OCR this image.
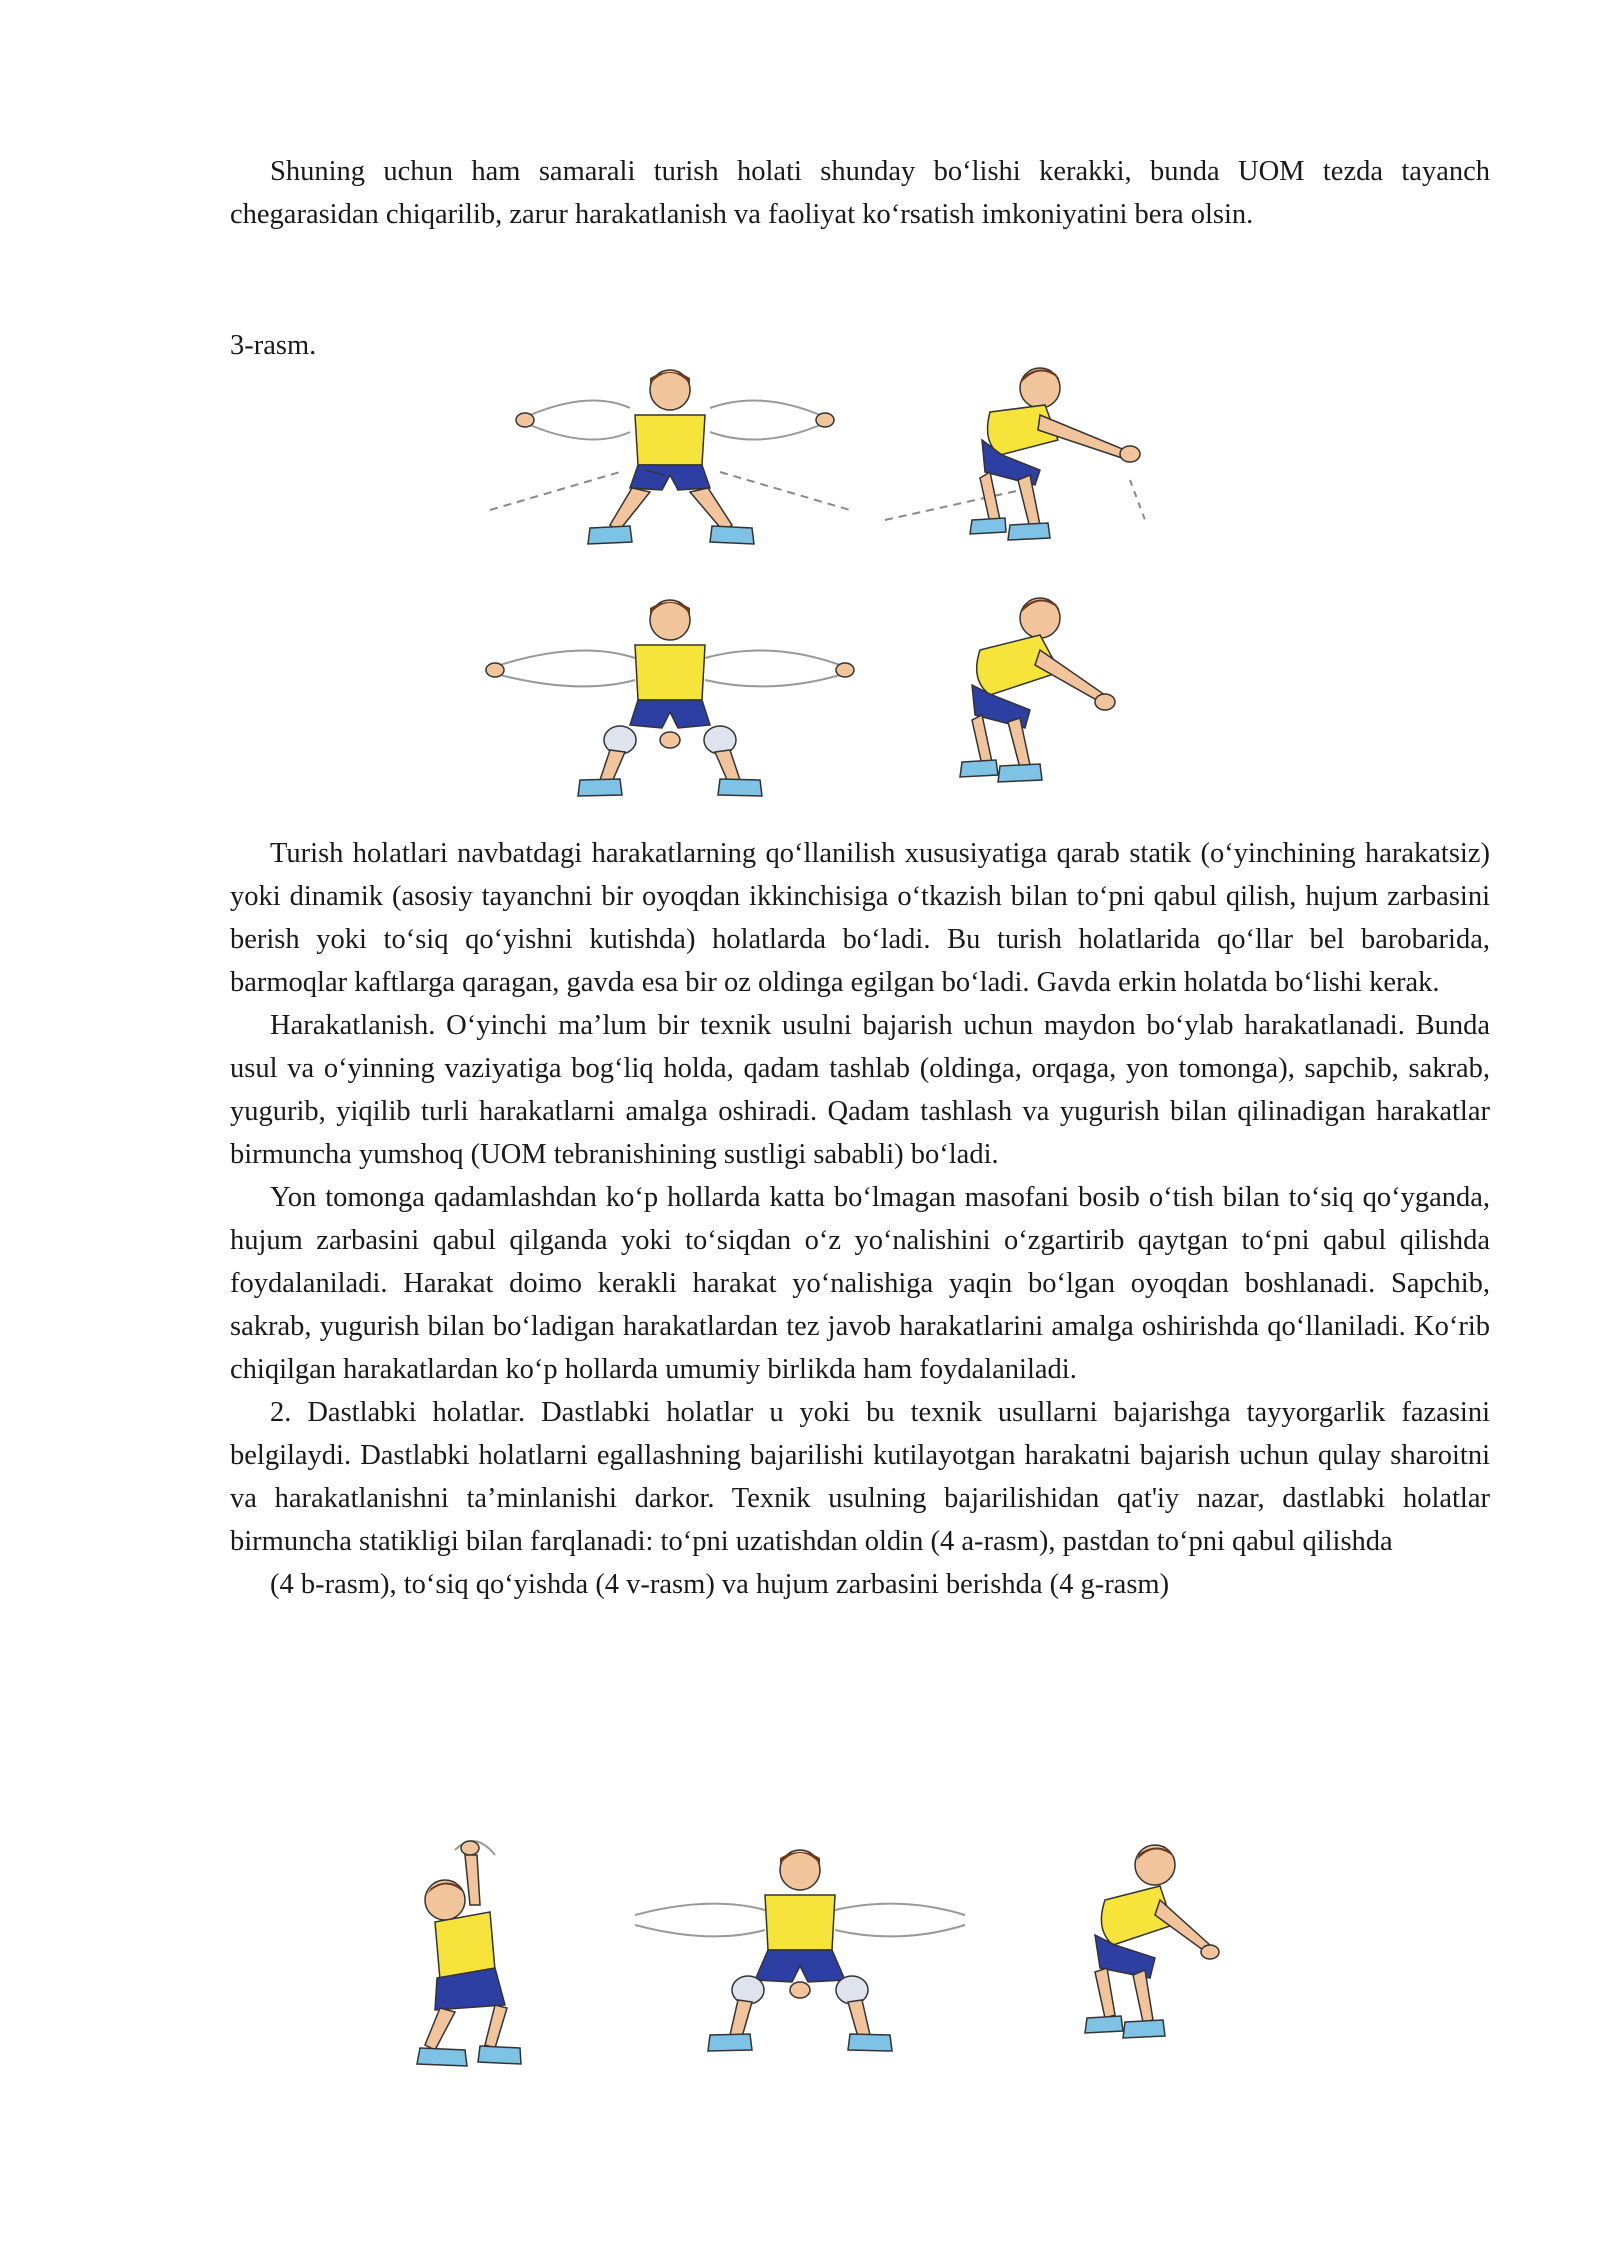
Shuning uchun ham samarali turish holati shunday bo‘lishi kerakki, bunda UOM tezda tayanch chegarasidan chiqarilib, zarur harakatlanish va faoliyat ko‘rsatish imkoniyatini bera olsin.

3-rasm.

Turish holatlari navbatdagi harakatlarning qo‘llanilish xususiyatiga qarab statik (o‘yinchining harakatsiz) yoki dinamik (asosiy tayanchni bir oyoqdan ikkinchisiga o‘tkazish bilan to‘pni qabul qilish, hujum zarbasini berish yoki to‘siq qo‘yishni kutishda) holatlarda bo‘ladi. Bu turish holatlarida qo‘llar bel barobarida, barmoqlar kaftlarga qaragan, gavda esa bir oz oldinga egilgan bo‘ladi. Gavda erkin holatda bo‘lishi kerak.

Harakatlanish. O‘yinchi ma’lum bir texnik usulni bajarish uchun maydon bo‘ylab harakatlanadi. Bunda usul va o‘yinning vaziyatiga bog‘liq holda, qadam tashlab (oldinga, orqaga, yon tomonga), sapchib, sakrab, yugurib, yiqilib turli harakatlarni amalga oshiradi. Qadam tashlash va yugurish bilan qilinadigan harakatlar birmuncha yumshoq (UOM tebranishining sustligi sababli) bo‘ladi.

Yon tomonga qadamlashdan ko‘p hollarda katta bo‘lmagan masofani bosib o‘tish bilan to‘siq qo‘yganda, hujum zarbasini qabul qilganda yoki to‘siqdan o‘z yo‘nalishini o‘zgartirib qaytgan to‘pni qabul qilishda foydalaniladi. Harakat doimo kerakli harakat yo‘nalishiga yaqin bo‘lgan oyoqdan boshlanadi. Sapchib, sakrab, yugurish bilan bo‘ladigan harakatlardan tez javob harakatlarini amalga oshirishda qo‘llaniladi. Ko‘rib chiqilgan harakatlardan ko‘p hollarda umumiy birlikda ham foydalaniladi.

2. Dastlabki holatlar. Dastlabki holatlar u yoki bu texnik usullarni bajarishga tayyorgarlik fazasini belgilaydi. Dastlabki holatlarni egallashning bajarilishi kutilayotgan harakatni bajarish uchun qulay sharoitni va harakatlanishni ta’minlanishi darkor. Texnik usulning bajarilishidan qat'iy nazar, dastlabki holatlar birmuncha statikligi bilan farqlanadi: to‘pni uzatishdan oldin (4 a-rasm), pastdan to‘pni qabul qilishda

(4 b-rasm), to‘siq qo‘yishda (4 v-rasm) va hujum zarbasini berishda (4 g-rasm)
